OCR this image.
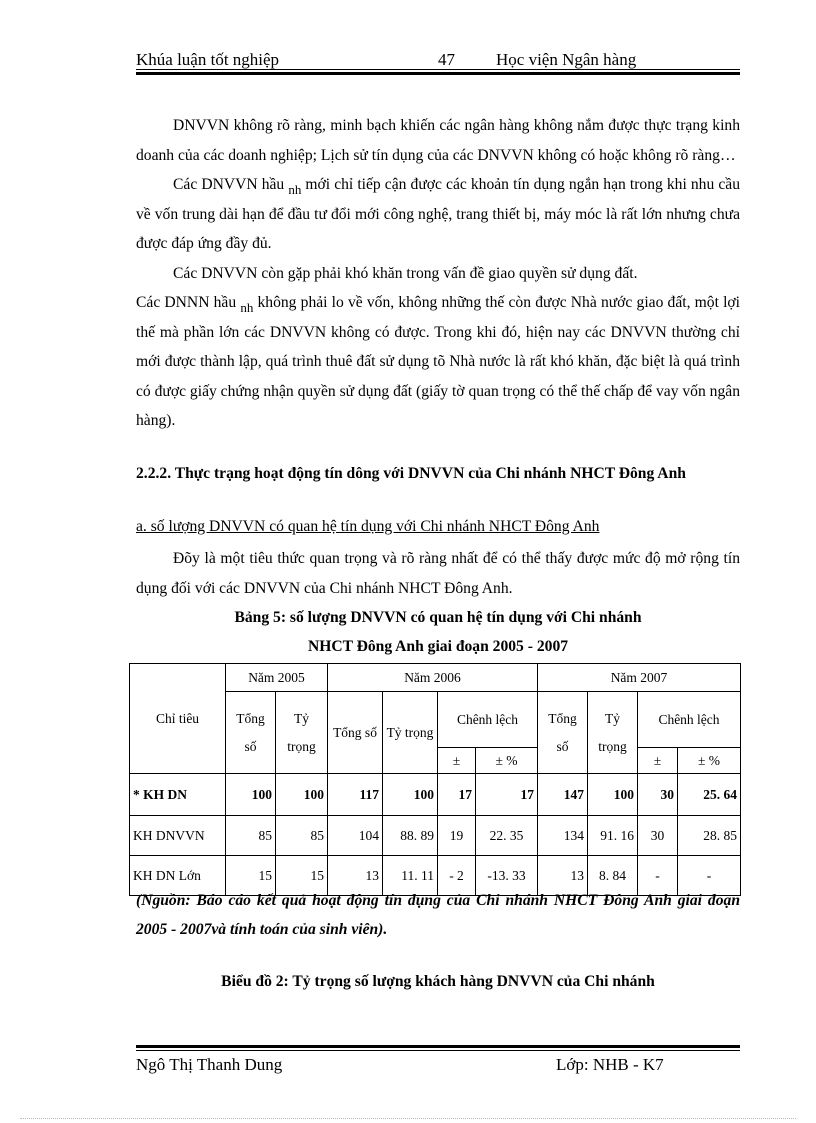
Khúa luận tốt nghiệp	47 Học viện Ngân hàng

DNVVN không rõ ràng, minh bạch khiến các ngân hàng không nắm được thực trạng kinh doanh của các doanh nghiệp; Lịch sử tín dụng của các DNVVN không có hoặc không rõ ràng…

Các DNVVN hầu $_{nh}$ mới chỉ tiếp cận được các khoản tín dụng ngắn hạn trong khi nhu cầu về vốn trung dài hạn để đầu tư đổi mới công nghệ, trang thiết bị, máy móc là rất lớn nhưng chưa được đáp ứng đầy đủ.

Các DNVVN còn gặp phải khó khăn trong vấn đề giao quyền sử dụng đất.

Các DNNN hầu $_{nh}$ không phải lo về vốn, không những thế còn được Nhà nước giao đất, một lợi thế mà phần lớn các DNVVN không có được. Trong khi đó, hiện nay các DNVVN thường chỉ mới được thành lập, quá trình thuê đất sử dụng tõ Nhà nước là rất khó khăn, đặc biệt là quá trình có được giấy chứng nhận quyền sử dụng đất (giấy tờ quan trọng có thể thế chấp để vay vốn ngân hàng).

2.2.2. Thực trạng hoạt động tín dông với DNVVN của Chi nhánh NHCT Đông Anh
a. số lượng DNVVN có quan hệ tín dụng với Chi nhánh NHCT Đông Anh

Đõy là một tiêu thức quan trọng và rõ ràng nhất để có thể thấy được mức độ mở rộng tín dụng đối với các DNVVN của Chi nhánh NHCT Đông Anh.

Bảng 5: số lượng DNVVN có quan hệ tín dụng với Chi nhánh
NHCT Đông Anh giai đoạn 2005 - 2007
Chỉ tiêu	Năm 2005		Năm 2006				Năm 2007			
	Tổng số	Tỷ trọng	Tổng số	Tỷ trọng	Chênh lệch		Tổng số	Tỷ trọng	Chênh lệch	
					±	± %			±	± %
* KH DN	100	100	117	100	17	17	147	100	30	25. 64
KH DNVVN	85	85	104	88. 89	19	22. 35	134	91. 16	30	28. 85
KH DN Lớn	15	15	13	11. 11	- 2	-13. 33	13	8. 84	-	-
(Nguồn: Báo cáo kết quả hoạt động tín dụng của Chi nhánh NHCT Đông Anh giai đoạn 2005 - 2007và tính toán của sinh viên).
Biểu đồ 2: Tỷ trọng số lượng khách hàng DNVVN của Chi nhánh
Ngô Thị Thanh Dung	Lớp: NHB - K7
